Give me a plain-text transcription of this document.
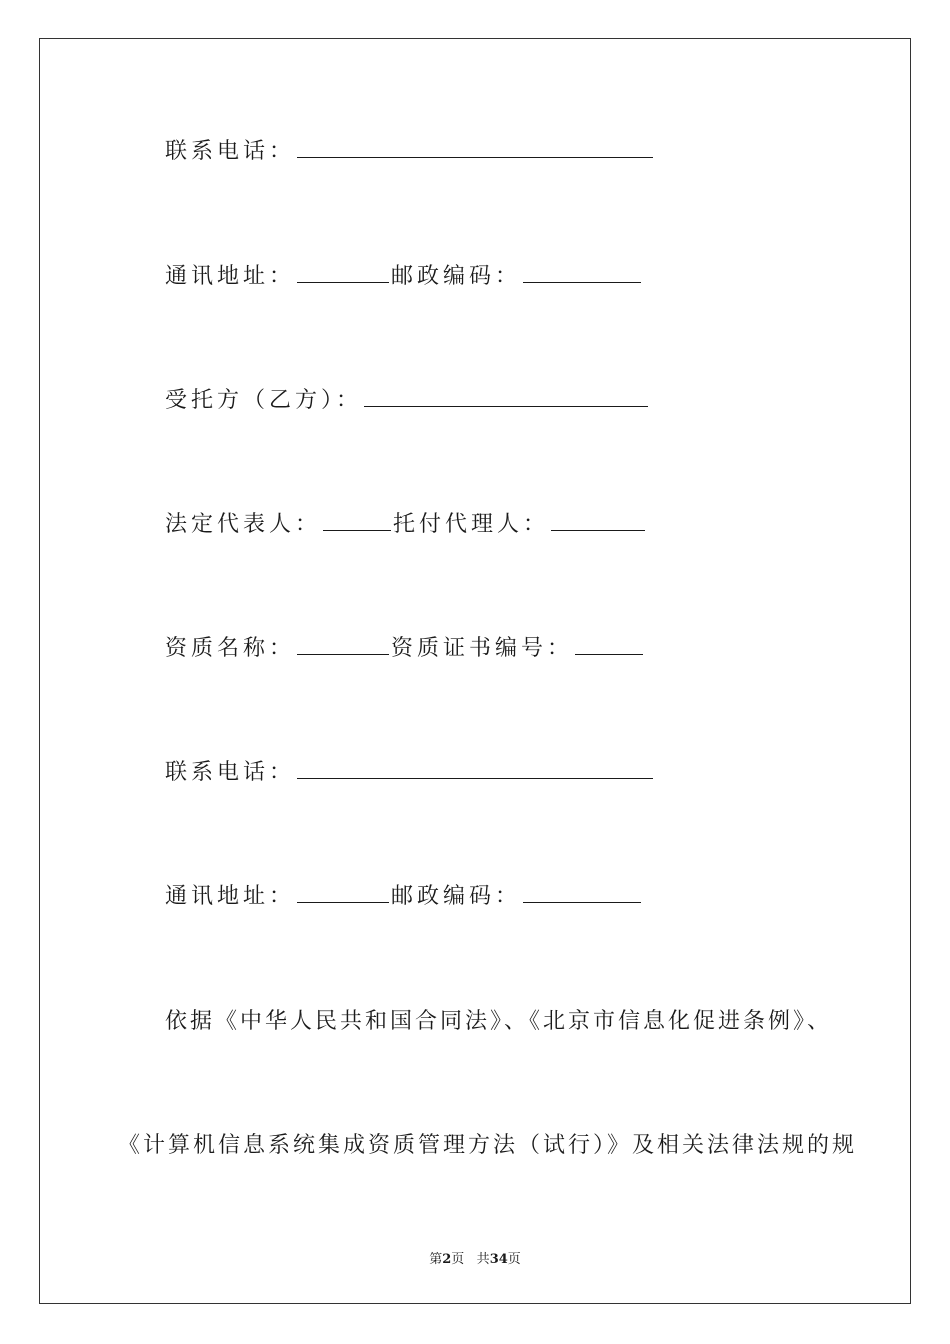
联系电话：
通讯地址：	邮政编码：
受托方（乙方）：
法定代表人：	托付代理人：
资质名称：	资质证书编号：
联系电话：
通讯地址：	邮政编码：
依据《中华人民共和国合同法》、《北京市信息化促进条例》、
《计算机信息系统集成资质管理方法（试行）》及相关法律法规的规
第2页 共34页
